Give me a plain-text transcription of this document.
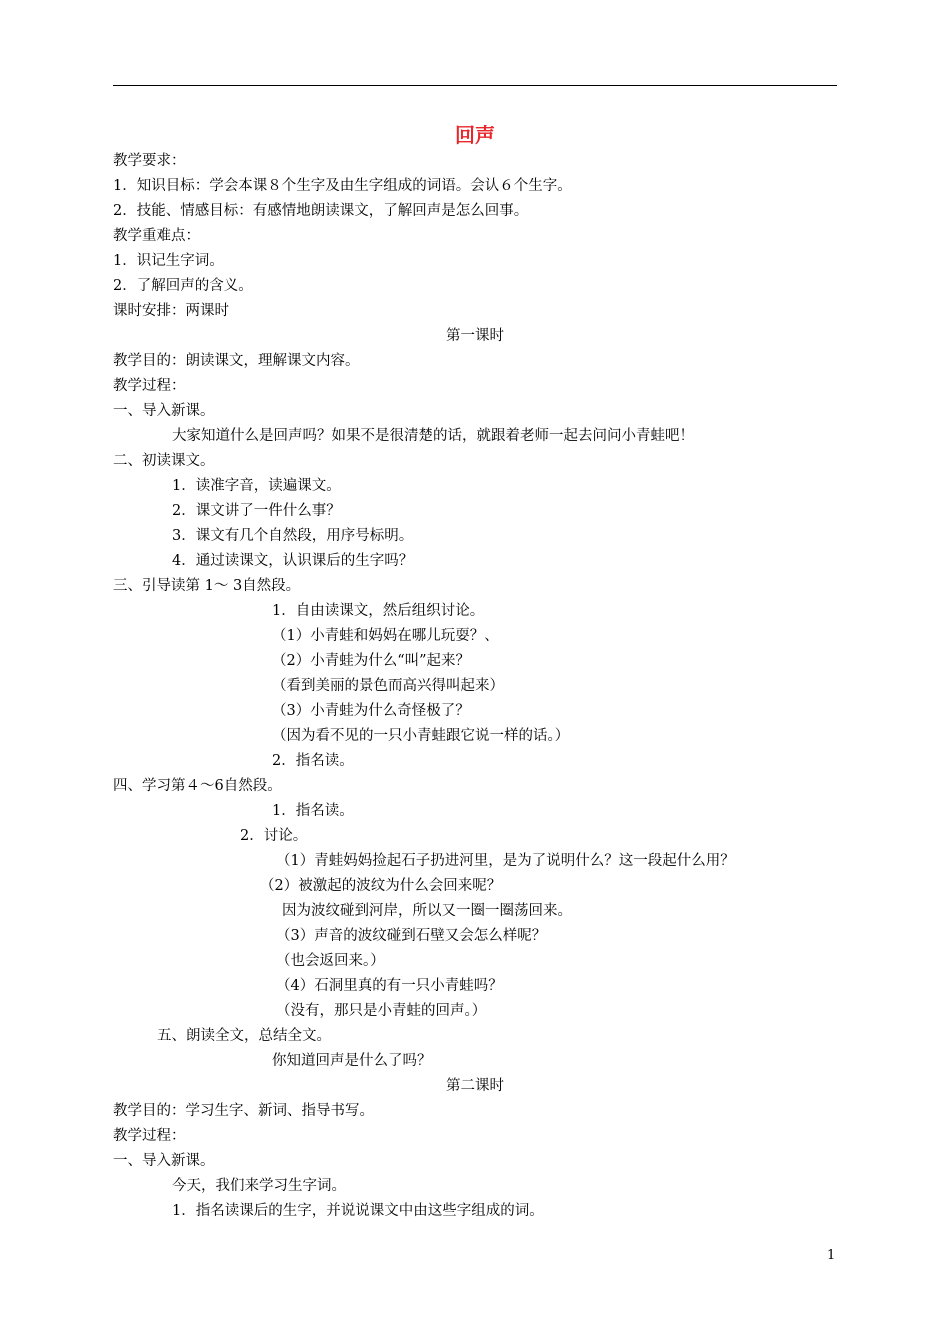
回声
教学要求：
1．知识目标：学会本课８个生字及由生字组成的词语。会认６个生字。
2．技能、情感目标：有感情地朗读课文，了解回声是怎么回事。
教学重难点：
1．识记生字词。
2．了解回声的含义。
课时安排：两课时
第一课时
教学目的：朗读课文，理解课文内容。
教学过程：
一、导入新课。
大家知道什么是回声吗？如果不是很清楚的话，就跟着老师一起去问问小青蛙吧！
二、初读课文。
1．读准字音，读遍课文。
2．课文讲了一件什么事？
3．课文有几个自然段，用序号标明。
4．通过读课文，认识课后的生字吗？
三、引导读第 1～ 3自然段。
1．自由读课文，然后组织讨论。
（1）小青蛙和妈妈在哪儿玩耍？、
（2）小青蛙为什么“叫”起来？
（看到美丽的景色而高兴得叫起来）
（3）小青蛙为什么奇怪极了？
（因为看不见的一只小青蛙跟它说一样的话。）
2．指名读。
四、学习第４～6自然段。
1．指名读。
2．讨论。
（1）青蛙妈妈捡起石子扔进河里，是为了说明什么？这一段起什么用？
（2）被激起的波纹为什么会回来呢？
因为波纹碰到河岸，所以又一圈一圈荡回来。
（3）声音的波纹碰到石壁又会怎么样呢？
（也会返回来。）
（4）石洞里真的有一只小青蛙吗？
（没有，那只是小青蛙的回声。）
五、朗读全文，总结全文。
你知道回声是什么了吗？
第二课时
教学目的：学习生字、新词、指导书写。
教学过程：
一、导入新课。
今天，我们来学习生字词。
1．指名读课后的生字，并说说课文中由这些字组成的词。
1
